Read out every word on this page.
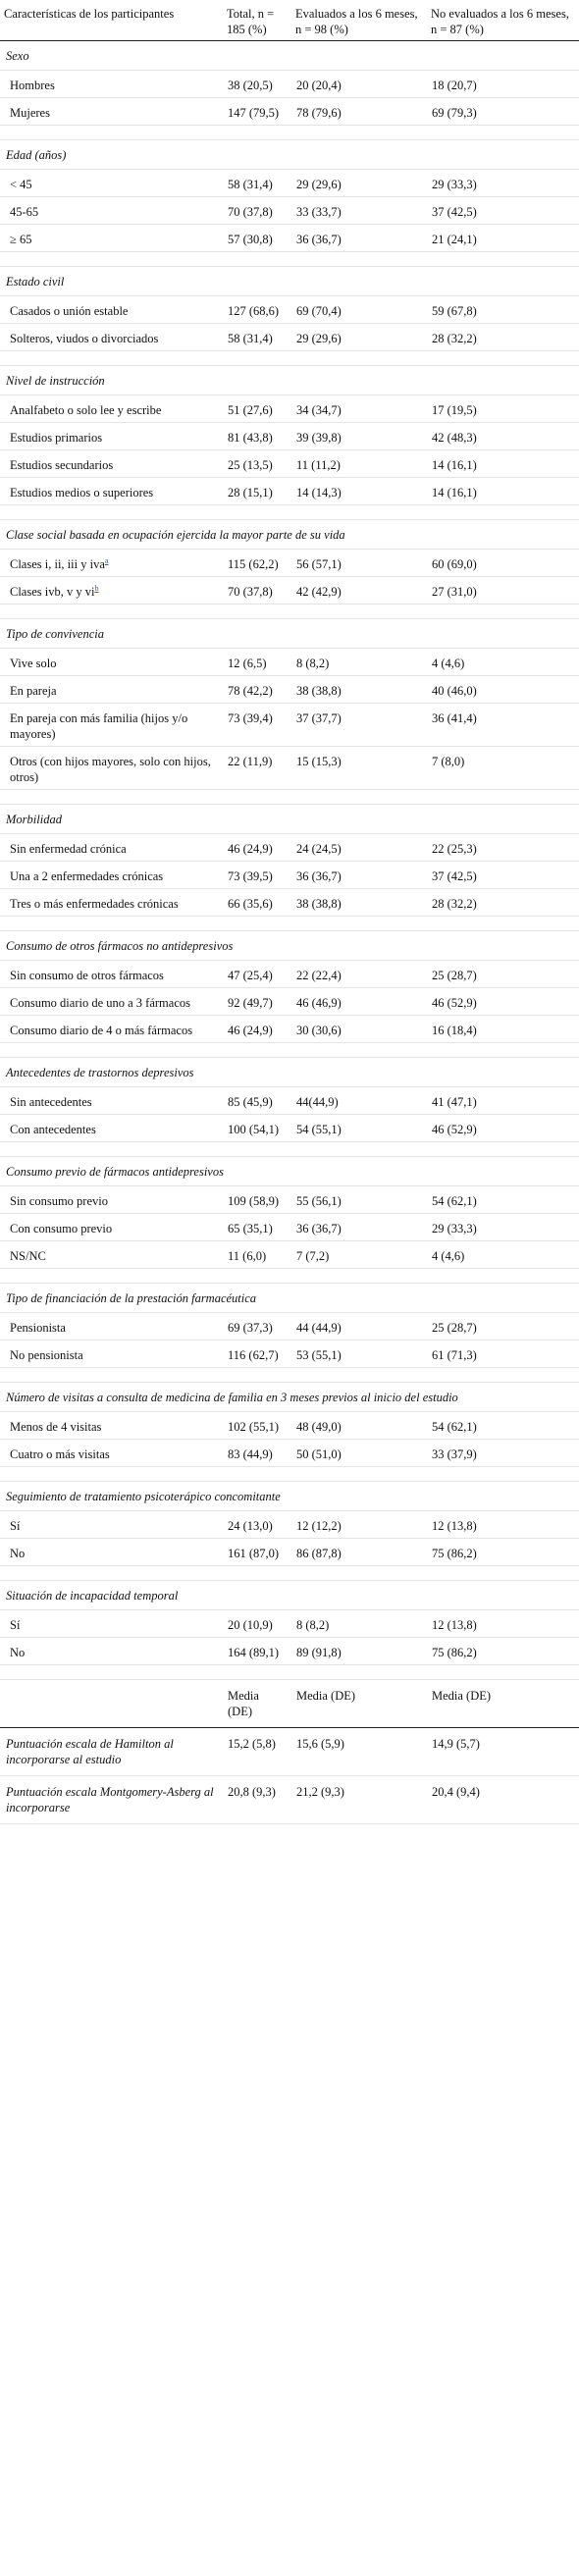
Características de los participantes	Total, n = 185 (%)	Evaluados a los 6 meses, n = 98 (%)	No evaluados a los 6 meses, n = 87 (%)
Sexo			
Hombres	38 (20,5)	20 (20,4)	18 (20,7)
Mujeres	147 (79,5)	78 (79,6)	69 (79,3)

Edad (años)			
< 45	58 (31,4)	29 (29,6)	29 (33,3)
45-65	70 (37,8)	33 (33,7)	37 (42,5)
≥ 65	57 (30,8)	36 (36,7)	21 (24,1)

Estado civil			
Casados o unión estable	127 (68,6)	69 (70,4)	59 (67,8)
Solteros, viudos o divorciados	58 (31,4)	29 (29,6)	28 (32,2)

Nivel de instrucción			
Analfabeto o solo lee y escribe	51 (27,6)	34 (34,7)	17 (19,5)
Estudios primarios	81 (43,8)	39 (39,8)	42 (48,3)
Estudios secundarios	25 (13,5)	11 (11,2)	14 (16,1)
Estudios medios o superiores	28 (15,1)	14 (14,3)	14 (16,1)

Clase social basada en ocupación ejercida la mayor parte de su vida			
Clases i, ii, iii y iva$^a$	115 (62,2)	56 (57,1)	60 (69,0)
Clases ivb, v y $vi^b$	70 (37,8)	42 (42,9)	27 (31,0)

Tipo de convivencia			
Vive solo	12 (6,5)	8 (8,2)	4 (4,6)
En pareja	78 (42,2)	38 (38,8)	40 (46,0)
En pareja con más familia (hijos y/o mayores)	73 (39,4)	37 (37,7)	36 (41,4)
Otros (con hijos mayores, solo con hijos, otros)	22 (11,9)	15 (15,3)	7 (8,0)

Morbilidad			
Sin enfermedad crónica	46 (24,9)	24 (24,5)	22 (25,3)
Una a 2 enfermedades crónicas	73 (39,5)	36 (36,7)	37 (42,5)
Tres o más enfermedades crónicas	66 (35,6)	38 (38,8)	28 (32,2)

Consumo de otros fármacos no antidepresivos			
Sin consumo de otros fármacos	47 (25,4)	22 (22,4)	25 (28,7)
Consumo diario de uno a 3 fármacos	92 (49,7)	46 (46,9)	46 (52,9)
Consumo diario de 4 o más fármacos	46 (24,9)	30 (30,6)	16 (18,4)

Antecedentes de trastornos depresivos			
Sin antecedentes	85 (45,9)	44(44,9)	41 (47,1)
Con antecedentes	100 (54,1)	54 (55,1)	46 (52,9)

Consumo previo de fármacos antidepresivos			
Sin consumo previo	109 (58,9)	55 (56,1)	54 (62,1)
Con consumo previo	65 (35,1)	36 (36,7)	29 (33,3)
NS/NC	11 (6,0)	7 (7,2)	4 (4,6)

Tipo de financiación de la prestación farmacéutica			
Pensionista	69 (37,3)	44 (44,9)	25 (28,7)
No pensionista	116 (62,7)	53 (55,1)	61 (71,3)

Número de visitas a consulta de medicina de familia en 3 meses previos al inicio del estudio			
Menos de 4 visitas	102 (55,1)	48 (49,0)	54 (62,1)
Cuatro o más visitas	83 (44,9)	50 (51,0)	33 (37,9)

Seguimiento de tratamiento psicoterápico concomitante			
Sí	24 (13,0)	12 (12,2)	12 (13,8)
No	161 (87,0)	86 (87,8)	75 (86,2)

Situación de incapacidad temporal			
Sí	20 (10,9)	8 (8,2)	12 (13,8)
No	164 (89,1)	89 (91,8)	75 (86,2)

	Media (DE)	Media (DE)	Media (DE)
Puntuación escala de Hamilton al incorporarse al estudio	15,2 (5,8)	15,6 (5,9)	14,9 (5,7)
Puntuación escala Montgomery-Asberg al incorporarse	20,8 (9,3)	21,2 (9,3)	20,4 (9,4)
